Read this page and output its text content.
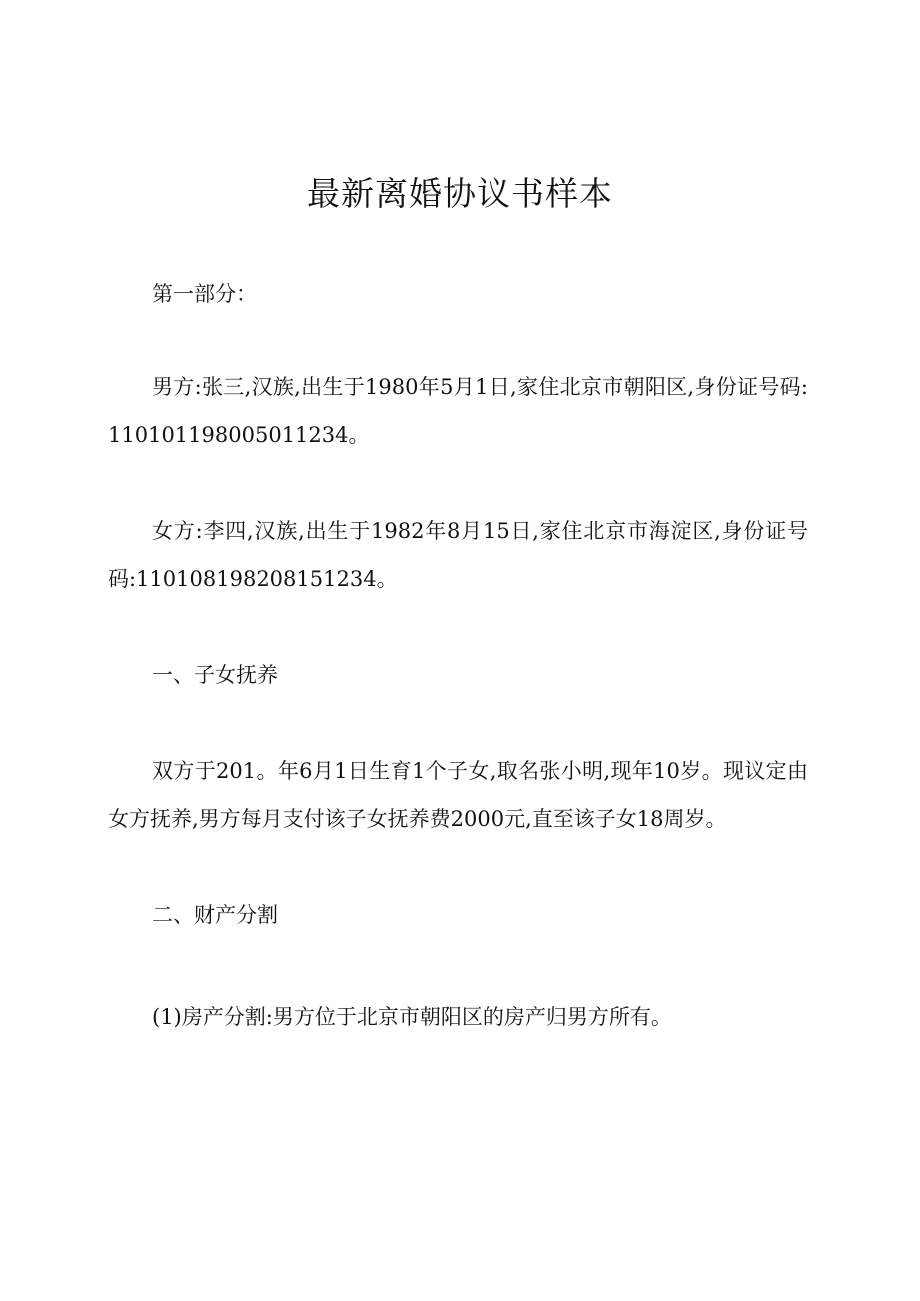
最新离婚协议书样本

第一部分：

男方:张三,汉族,出生于1980年5月1日,家住北京市朝阳区,身份证号码:110101198005011234。

女方:李四,汉族,出生于1982年8月15日,家住北京市海淀区,身份证号码:110108198208151234。

一、子女抚养

双方于201。年6月1日生育1个子女,取名张小明,现年10岁。现议定由女方抚养,男方每月支付该子女抚养费2000元,直至该子女18周岁。

二、财产分割

(1)房产分割:男方位于北京市朝阳区的房产归男方所有。
